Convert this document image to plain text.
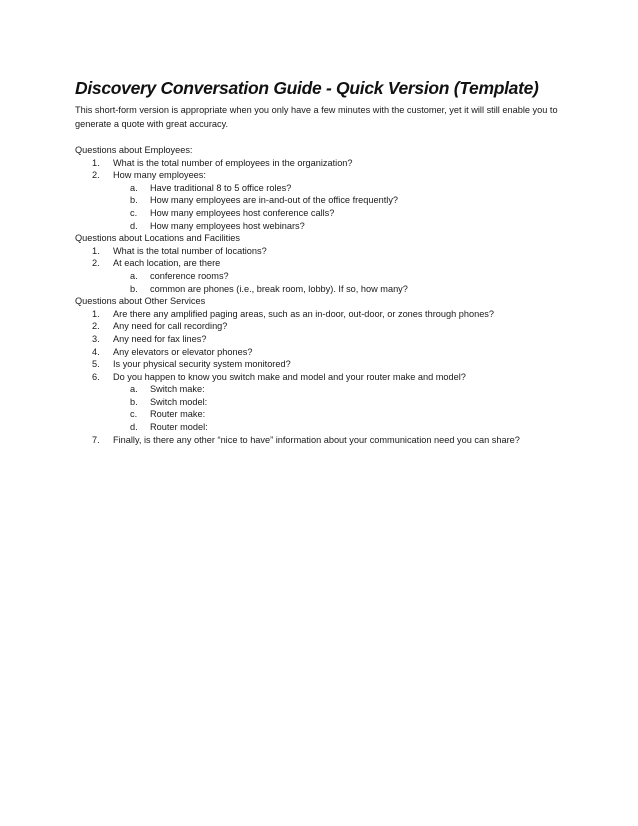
Discovery Conversation Guide - Quick Version (Template)

This short-form version is appropriate when you only have a few minutes with the customer, yet it will still enable you to generate a quote with great accuracy.

Questions about Employees:
1.	What is the total number of employees in the organization?
2.	How many employees:
a.	Have traditional 8 to 5 office roles?
b.	How many employees are in-and-out of the office frequently?
c.	How many employees host conference calls?
d.	How many employees host webinars?
Questions about Locations and Facilities
1.	What is the total number of locations?
2.	At each location, are there
a.	conference rooms?
b.	common are phones (i.e., break room, lobby). If so, how many?
Questions about Other Services
1.	Are there any amplified paging areas, such as an in-door, out-door, or zones through phones?
2.	Any need for call recording?
3.	Any need for fax lines?
4.	Any elevators or elevator phones?
5.	Is your physical security system monitored?
6.	Do you happen to know you switch make and model and your router make and model?
a.	Switch make:
b.	Switch model:
c.	Router make:
d.	Router model:
7.	Finally, is there any other “nice to have” information about your communication need you can share?
